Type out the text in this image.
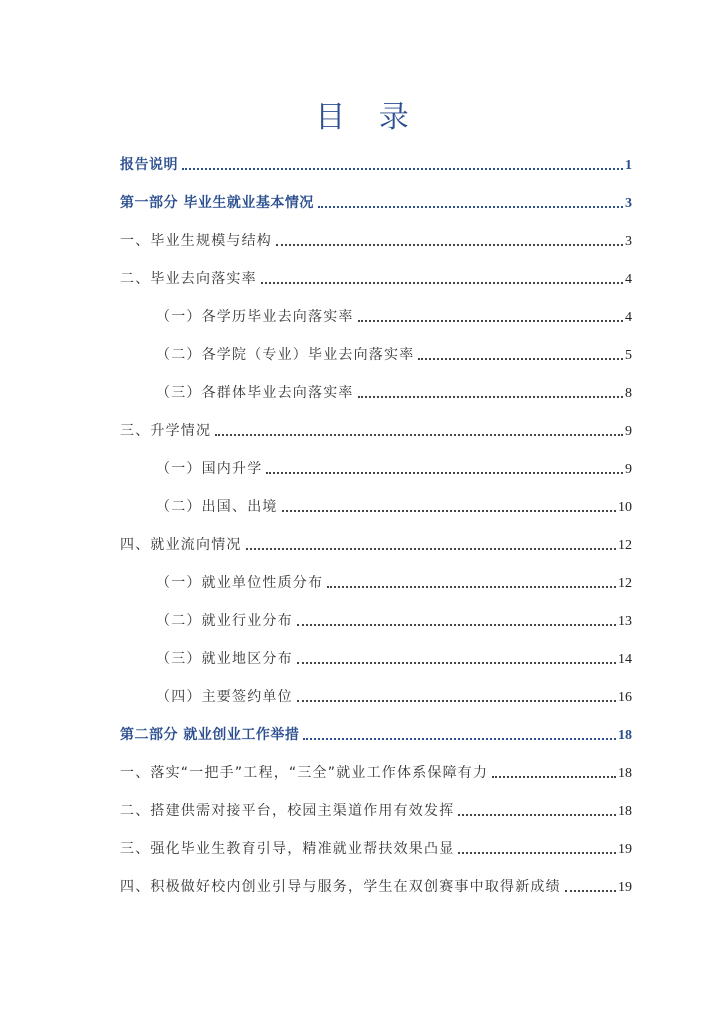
目 录
报告说明	1
第一部分 毕业生就业基本情况	3
一、毕业生规模与结构	3
二、毕业去向落实率	4
（一）各学历毕业去向落实率	4
（二）各学院（专业）毕业去向落实率	5
（三）各群体毕业去向落实率	8
三、升学情况	9
（一）国内升学	9
（二）出国、出境	10
四、就业流向情况	12
（一）就业单位性质分布	12
（二）就业行业分布	13
（三）就业地区分布	14
（四）主要签约单位	16
第二部分 就业创业工作举措	18
一、落实“一把手”工程，“三全”就业工作体系保障有力	18
二、搭建供需对接平台，校园主渠道作用有效发挥	18
三、强化毕业生教育引导，精准就业帮扶效果凸显	19
四、积极做好校内创业引导与服务，学生在双创赛事中取得新成绩	19
